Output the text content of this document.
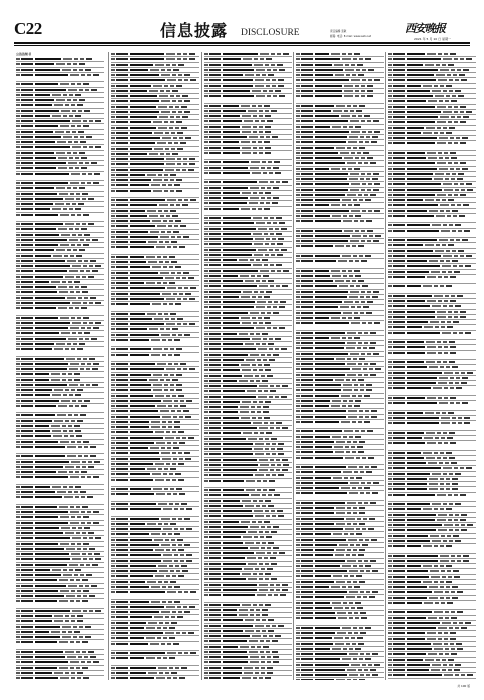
C22	信息披露 DISCLOSURE	责任编辑 张敏
邮箱: 电话: E-mail: www.xwb.net
西安晚报
2021 年 5 月 10 日 星期一
公告告知书
共 100 版
